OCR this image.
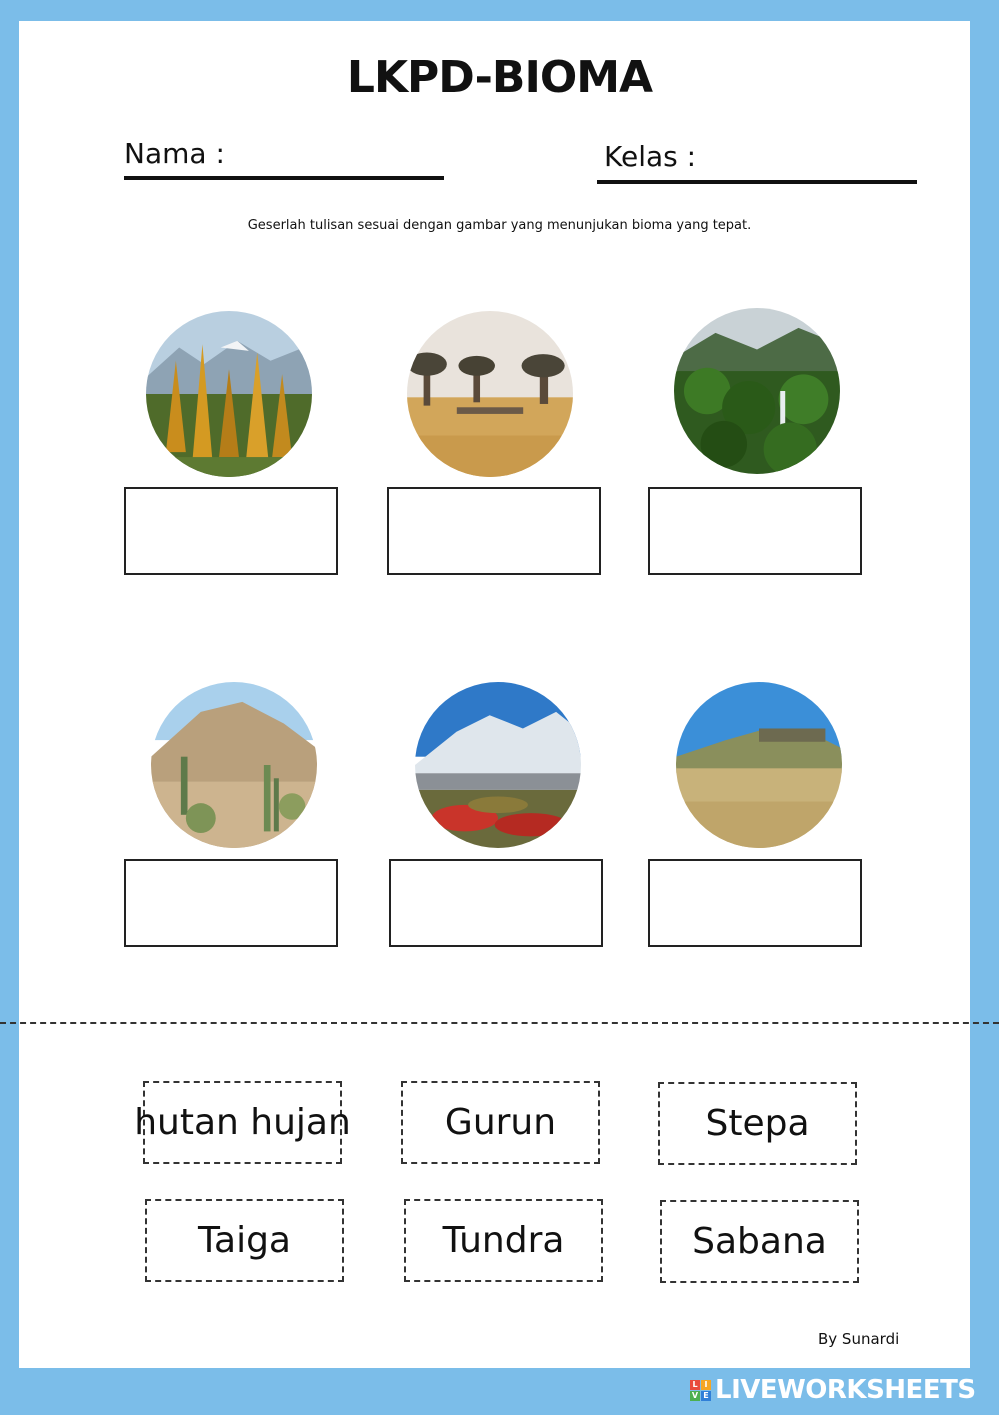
LKPD-BIOMA
Nama :	Kelas :
Geserlah tulisan sesuai dengan gambar yang menunjukan bioma yang tepat.
hutan hujan	Gurun	Stepa
Taiga	Tundra	Sabana
By Sunardi
L I
V E LIVEWORKSHEETS
